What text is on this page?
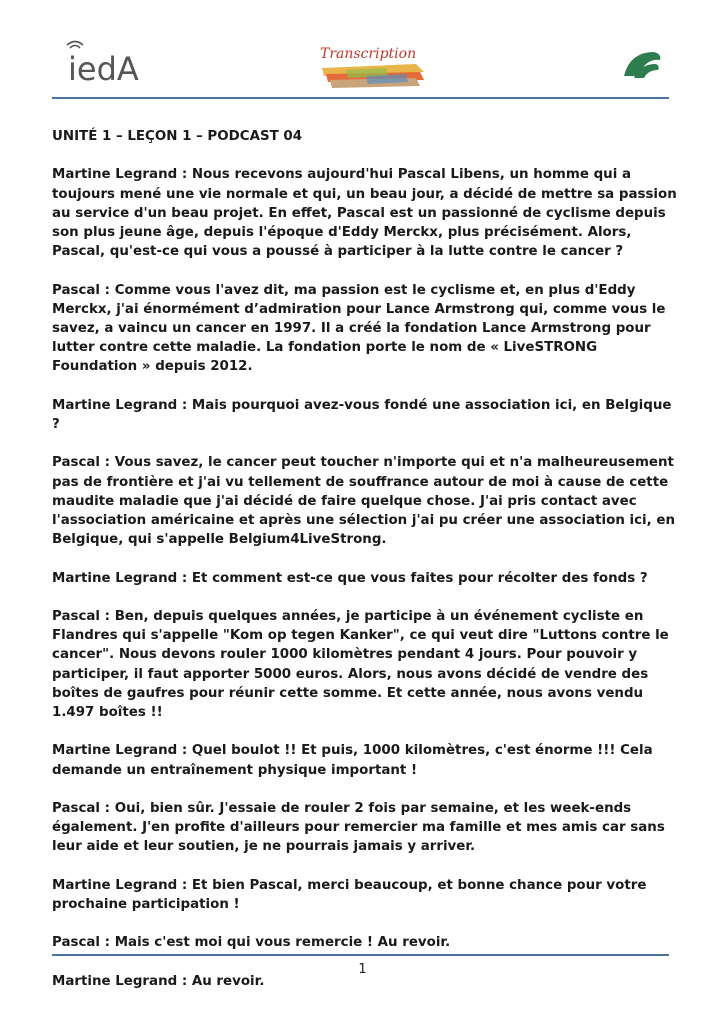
iedA	Transcription

UNITÉ 1 – LEÇON 1 – PODCAST 04

Martine Legrand : Nous recevons aujourd'hui Pascal Libens, un homme qui a toujours mené une vie normale et qui, un beau jour, a décidé de mettre sa passion au service d'un beau projet. En effet, Pascal est un passionné de cyclisme depuis son plus jeune âge, depuis l'époque d'Eddy Merckx, plus précisément. Alors, Pascal, qu'est-ce qui vous a poussé à participer à la lutte contre le cancer ?

Pascal : Comme vous l'avez dit, ma passion est le cyclisme et, en plus d'Eddy Merckx, j'ai énormément d’admiration pour Lance Armstrong qui, comme vous le savez, a vaincu un cancer en 1997. Il a créé la fondation Lance Armstrong pour lutter contre cette maladie. La fondation porte le nom de « LiveSTRONG Foundation » depuis 2012.

Martine Legrand : Mais pourquoi avez-vous fondé une association ici, en Belgique ?

Pascal : Vous savez, le cancer peut toucher n'importe qui et n'a malheureusement pas de frontière et j'ai vu tellement de souffrance autour de moi à cause de cette maudite maladie que j'ai décidé de faire quelque chose. J'ai pris contact avec l'association américaine et après une sélection j'ai pu créer une association ici, en Belgique, qui s'appelle Belgium4LiveStrong.

Martine Legrand : Et comment est-ce que vous faites pour récolter des fonds ?

Pascal : Ben, depuis quelques années, je participe à un événement cycliste en Flandres qui s'appelle "Kom op tegen Kanker", ce qui veut dire "Luttons contre le cancer". Nous devons rouler 1000 kilomètres pendant 4 jours. Pour pouvoir y participer, il faut apporter 5000 euros. Alors, nous avons décidé de vendre des boîtes de gaufres pour réunir cette somme. Et cette année, nous avons vendu 1.497 boîtes !!

Martine Legrand : Quel boulot !! Et puis, 1000 kilomètres, c'est énorme !!! Cela demande un entraînement physique important !

Pascal : Oui, bien sûr. J'essaie de rouler 2 fois par semaine, et les week-ends également. J'en profite d'ailleurs pour remercier ma famille et mes amis car sans leur aide et leur soutien, je ne pourrais jamais y arriver.

Martine Legrand : Et bien Pascal, merci beaucoup, et bonne chance pour votre prochaine participation !

Pascal : Mais c'est moi qui vous remercie ! Au revoir.

Martine Legrand : Au revoir.

1
